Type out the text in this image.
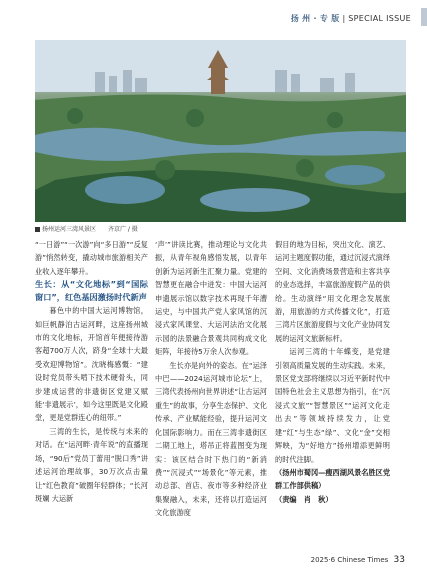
扬 州 · 专 版 | SPECIAL ISSUE
扬州运河三湾风景区 齐京广 / 摄

“一日游”“一次游”向“多日游”“反复游”悄然转变，撬动城市旅游相关产业收入逐年攀升。

生长：从“文化地标”到“国际窗口”，红色基因激扬时代新声

暮色中的中国大运河博物馆，如巨帆静泊古运河畔，这座扬州城市的文化地标，开馆首年便接待游客超700万人次，跻身“全球十大最受欢迎博物馆”。沈晓梅感慨：“建设时党员带头啃下技术硬骨头，同步建成运营的非遗街区党建又赋能‘非遗展示’，如今这里既是文化殿堂，更是党群连心的纽带。”

三湾的生长，是传统与未来的对话。在“运河畔·青年说”的直播现场，“90后”党员丁蕾用“脱口秀”讲述运河治理故事，30万次点击量让“红色教育”破圈年轻群体；“长河斑斓 大运新

‘声’”讲读比赛，推动理论与文化共振，从青年视角感悟发展，以青年创新为运河新生汇聚力量。党建的智慧更在融合中迸发：中国大运河申遗展示馆以数字技术再现千年漕运史，与中国共产党人家风馆的沉浸式家风课堂、大运河法治文化展示园的法景融合景观共同构成文化矩阵，年接待5万余人次参观。

生长亦是向外的姿态。在“运泽中巴——2024运河城市论坛”上，三湾代表扬州向世界讲述“让古运河重生”的故事，分享生态保护、文化传承、产业赋能经验，提升运河文化国际影响力。而在三湾非遗街区二期工地上，塔吊正将蓝图变为现实：该区结合时下热门的“新消费”“沉浸式”“场景化”等元素，推动总部、首店、夜市等多种经济业集聚融入，未来，还将以打造运河文化旅游度

假目的地为目标，突出文化、演艺、运河主题度假功能，通过沉浸式演绎空间、文化消费场景营造和主客共享的业态选择，丰富旅游度假产品的供给。生动演绎“用文化理念发展旅游，用旅游的方式传播文化”，打造三湾片区旅游度假与文化产业协同发展的运河文旅新标杆。

运河三湾的十年蝶变，是党建引领高质量发展的生动实践。未来，景区党支部将继续以习近平新时代中国特色社会主义思想为指引，在“沉浸式文旅”“智慧景区”“运河文化走出去”等领域持续发力，让党建“红”与生态“绿”、文化“金”交相辉映，为“好地方”扬州增添更鲜明的时代注脚。

（扬州市蜀冈—瘦西湖风景名胜区党群工作部供稿）

（责编　肖　秋）

2025·6 Chinese Times 33
